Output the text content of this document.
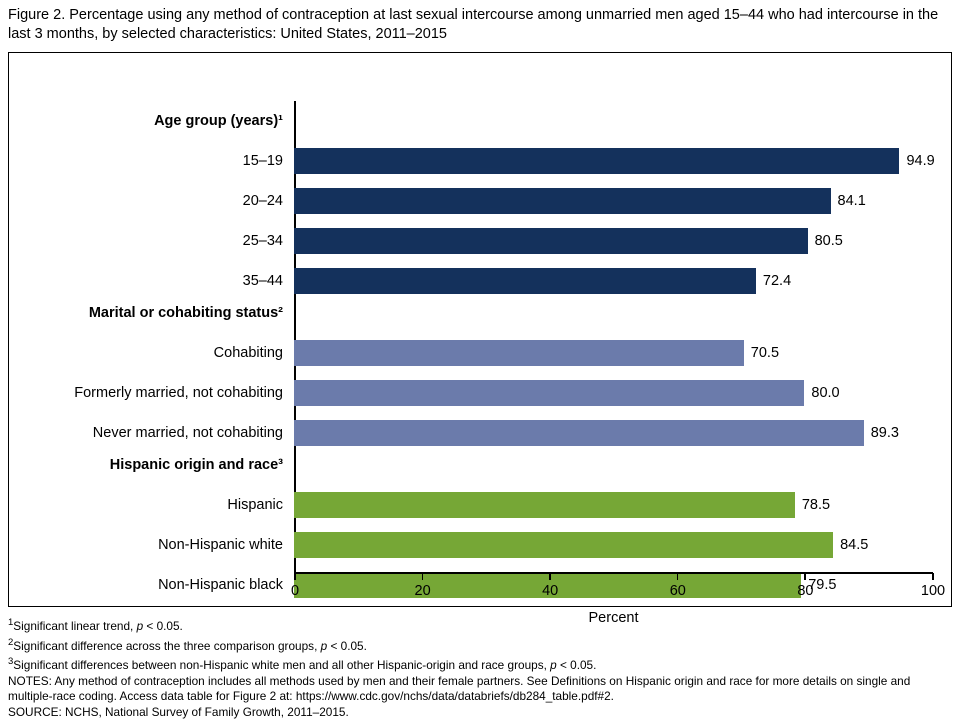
Figure 2. Percentage using any method of contraception at last sexual intercourse among unmarried men aged 15–44 who had intercourse in the last 3 months, by selected characteristics: United States, 2011–2015
Age group (years)¹
15–19
20–24
25–34
35–44
Marital or cohabiting status²
Cohabiting
Formerly married, not cohabiting
Never married, not cohabiting
Hispanic origin and race³
Hispanic
Non-Hispanic white
Non-Hispanic black
94.9
84.1
80.5
72.4
70.5
80.0
89.3
78.5
84.5
79.5
0	20	40	60	80	100
Percent
$^1$Significant linear trend, p < 0.05.
$^2$Significant difference across the three comparison groups, p < 0.05.
$^3$Significant differences between non-Hispanic white men and all other Hispanic-origin and race groups, p < 0.05.
NOTES: Any method of contraception includes all methods used by men and their female partners. See Definitions on Hispanic origin and race for more details on single and multiple-race coding. Access data table for Figure 2 at: https://www.cdc.gov/nchs/data/databriefs/db284_table.pdf#2.
SOURCE: NCHS, National Survey of Family Growth, 2011–2015.
